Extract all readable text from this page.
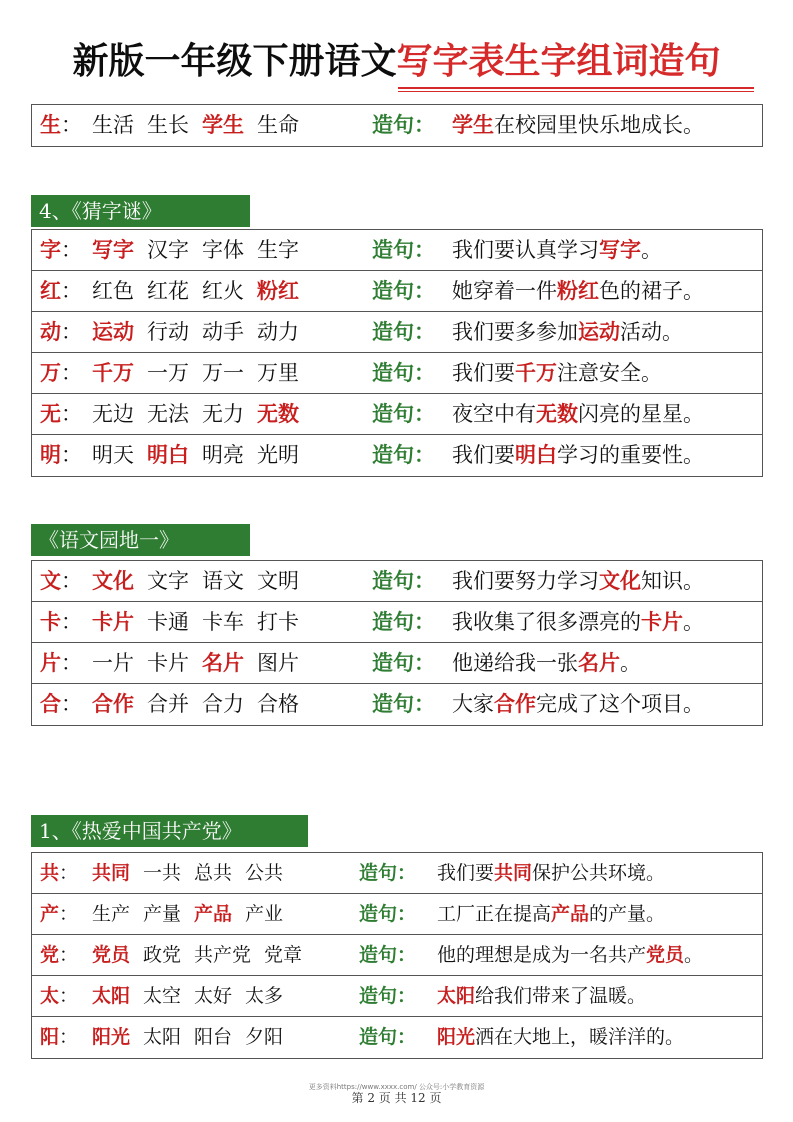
新版一年级下册语文写字表生字组词造句
生： 生活 生长 学生 生命	造句： 学生在校园里快乐地成长。
4、《猜字谜》
字： 写字 汉字 字体 生字	造句： 我们要认真学习写字。
红： 红色 红花 红火 粉红	造句： 她穿着一件粉红色的裙子。
动： 运动 行动 动手 动力	造句： 我们要多参加运动活动。
万： 千万 一万 万一 万里	造句： 我们要千万注意安全。
无： 无边 无法 无力 无数	造句： 夜空中有无数闪亮的星星。
明： 明天 明白 明亮 光明	造句： 我们要明白学习的重要性。
《语文园地一》
文： 文化 文字 语文 文明	造句： 我们要努力学习文化知识。
卡： 卡片 卡通 卡车 打卡	造句： 我收集了很多漂亮的卡片。
片： 一片 卡片 名片 图片	造句： 他递给我一张名片。
合： 合作 合并 合力 合格	造句： 大家合作完成了这个项目。
1、《热爱中国共产党》
共： 共同 一共 总共 公共	造句： 我们要共同保护公共环境。
产： 生产 产量 产品 产业	造句： 工厂正在提高产品的产量。
党： 党员 政党 共产党 党章	造句： 他的理想是成为一名共产党员。
太： 太阳 太空 太好 太多	造句： 太阳给我们带来了温暖。
阳： 阳光 太阳 阳台 夕阳	造句： 阳光洒在大地上，暖洋洋的。
更多资料https://www.xxxx.com/ 公众号:小学教育资源
第 2 页 共 12 页
